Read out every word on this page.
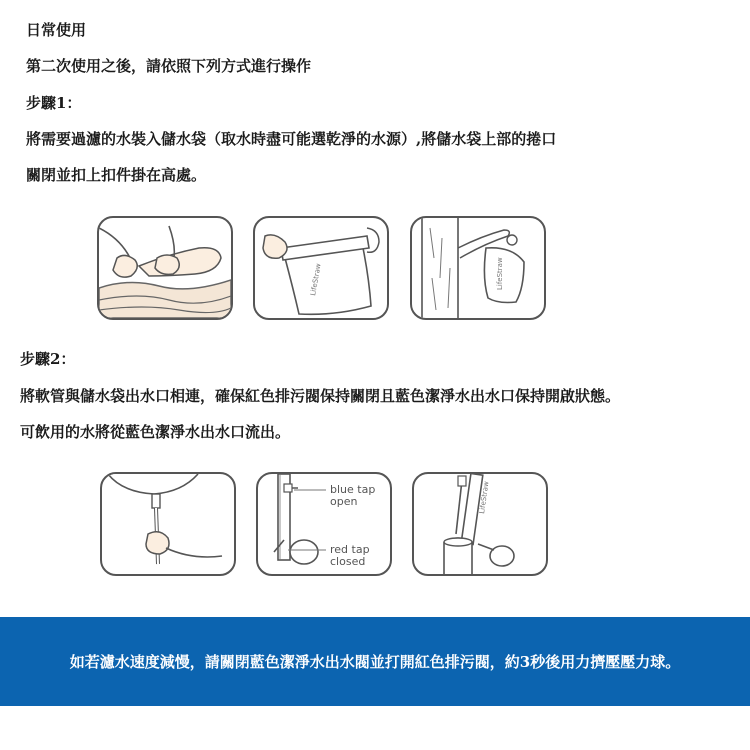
日常使用
第二次使用之後，請依照下列方式進行操作
步驟1：
將需要過濾的水裝入儲水袋（取水時盡可能選乾淨的水源）,將儲水袋上部的捲口
關閉並扣上扣件掛在高處。
LifeStraw	LifeStraw
步驟2：
將軟管與儲水袋出水口相連，確保紅色排污閥保持關閉且藍色潔淨水出水口保持開啟狀態。
可飲用的水將從藍色潔淨水出水口流出。
blue tap
open
red tap
closed
LifeStraw
如若濾水速度減慢，請關閉藍色潔淨水出水閥並打開紅色排污閥，約3秒後用力擠壓壓力球。
